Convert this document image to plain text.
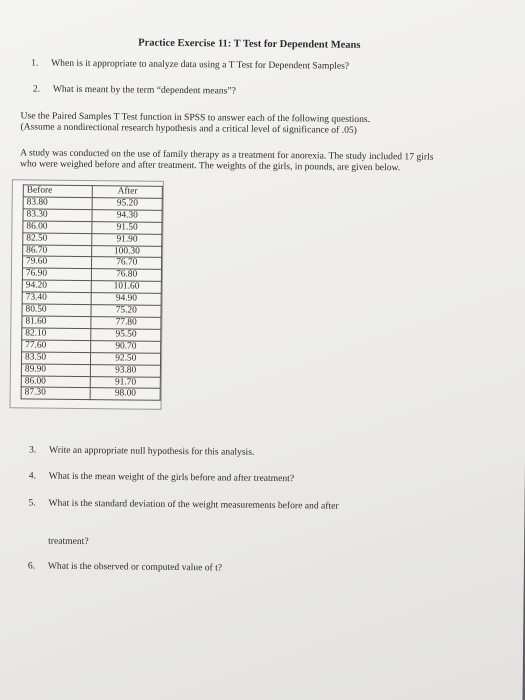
Practice Exercise 11: T Test for Dependent Means

1.	When is it appropriate to analyze data using a T Test for Dependent Samples?

2.	What is meant by the term “dependent means”?

Use the Paired Samples T Test function in SPSS to answer each of the following questions. (Assume a nondirectional research hypothesis and a critical level of significance of .05)

A study was conducted on the use of family therapy as a treatment for anorexia. The study included 17 girls who were weighed before and after treatment. The weights of the girls, in pounds, are given below.

Before	After
83.80	95.20
83.30	94.30
86.00	91.50
82.50	91.90
86.70	100.30
79.60	76.70
76.90	76.80
94.20	101.60
73.40	94.90
80.50	75.20
81.60	77.80
82.10	95.50
77.60	90.70
83.50	92.50
89.90	93.80
86.00	91.70
87.30	98.00

3.	Write an appropriate null hypothesis for this analysis.

4.	What is the mean weight of the girls before and after treatment?

5.	What is the standard deviation of the weight measurements before and after

treatment?

6.	What is the observed or computed value of t?
